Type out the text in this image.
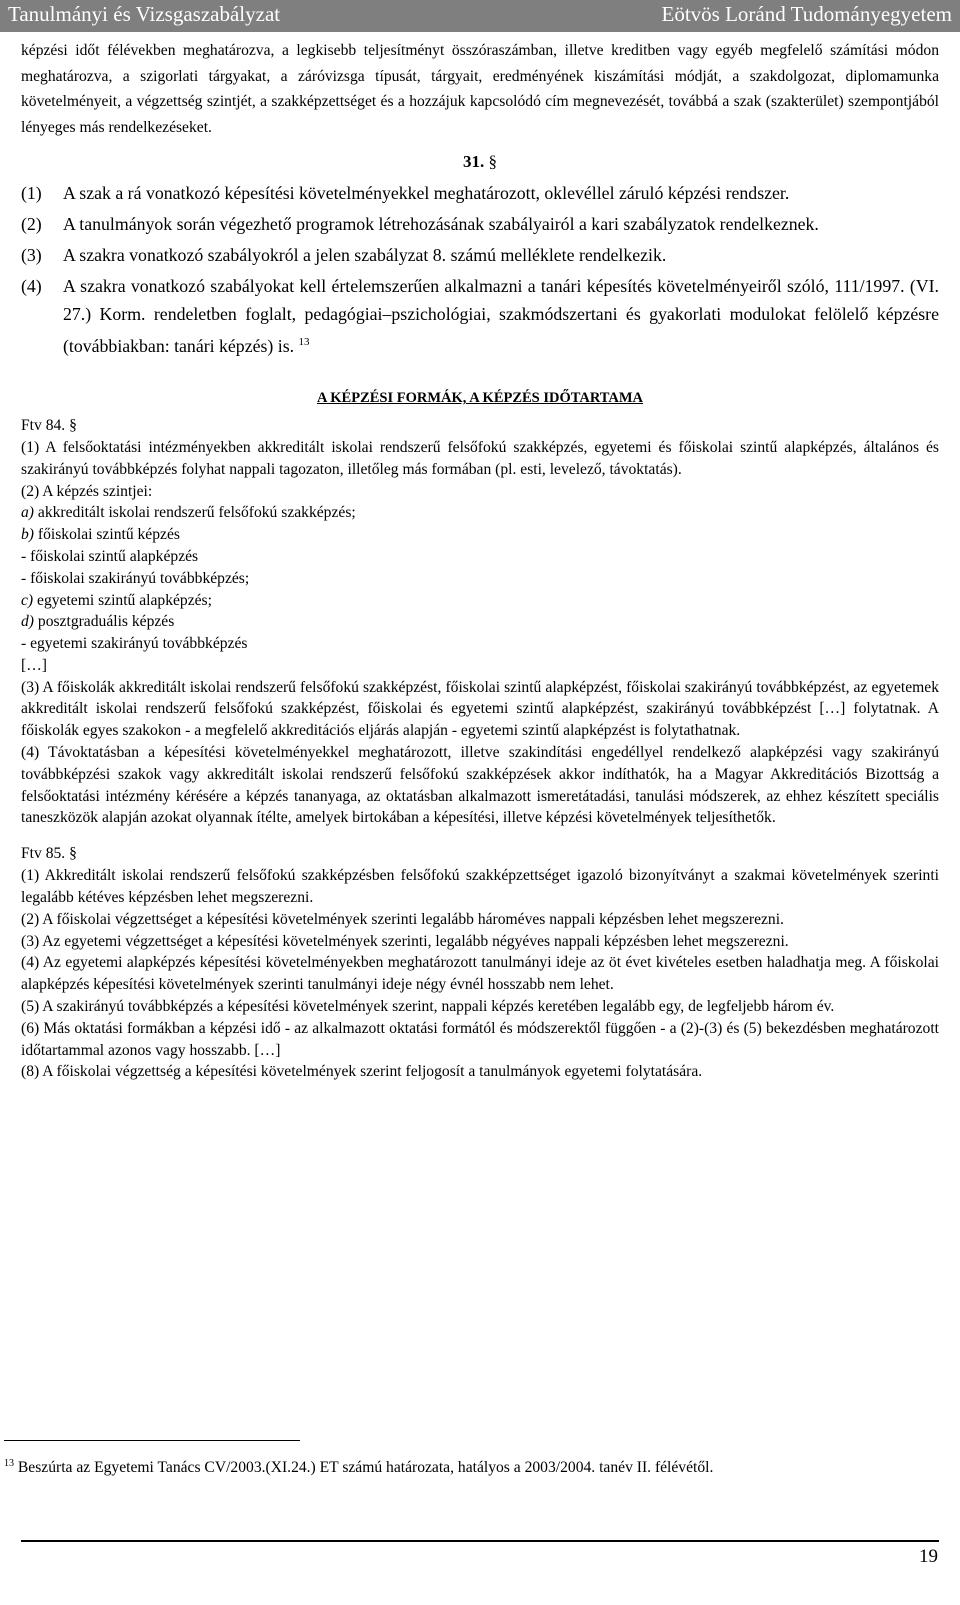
Tanulmányi és Vizsgaszabályzat	Eötvös Loránd Tudományegyetem

képzési időt félévekben meghatározva, a legkisebb teljesítményt összóraszámban, illetve kreditben vagy egyéb megfelelő számítási módon meghatározva, a szigorlati tárgyakat, a záróvizsga típusát, tárgyait, eredményének kiszámítási módját, a szakdolgozat, diplomamunka követelményeit, a végzettség szintjét, a szakképzettséget és a hozzájuk kapcsolódó cím megnevezését, továbbá a szak (szakterület) szempontjából lényeges más rendelkezéseket.

31. §
(1)	A szak a rá vonatkozó képesítési követelményekkel meghatározott, oklevéllel záruló képzési rendszer.
(2)	A tanulmányok során végezhető programok létrehozásának szabályairól a kari szabályzatok rendelkeznek.
(3)	A szakra vonatkozó szabályokról a jelen szabályzat 8. számú melléklete rendelkezik.
(4)	A szakra vonatkozó szabályokat kell értelemszerűen alkalmazni a tanári képesítés követelményeiről szóló, 111/1997. (VI. 27.) Korm. rendeletben foglalt, pedagógiai–pszichológiai, szakmódszertani és gyakorlati modulokat felölelő képzésre (továbbiakban: tanári képzés) is. $^{13}$
A KÉPZÉSI FORMÁK, A KÉPZÉS IDŐTARTAMA

Ftv 84. §

(1) A felsőoktatási intézményekben akkreditált iskolai rendszerű felsőfokú szakképzés, egyetemi és főiskolai szintű alapképzés, általános és szakirányú továbbképzés folyhat nappali tagozaton, illetőleg más formában (pl. esti, levelező, távoktatás).

(2) A képzés szintjei:

a) akkreditált iskolai rendszerű felsőfokú szakképzés;

b) főiskolai szintű képzés

- főiskolai szintű alapképzés

- főiskolai szakirányú továbbképzés;

c) egyetemi szintű alapképzés;

d) posztgraduális képzés

- egyetemi szakirányú továbbképzés

[…]

(3) A főiskolák akkreditált iskolai rendszerű felsőfokú szakképzést, főiskolai szintű alapképzést, főiskolai szakirányú továbbképzést, az egyetemek akkreditált iskolai rendszerű felsőfokú szakképzést, főiskolai és egyetemi szintű alapképzést, szakirányú továbbképzést […] folytatnak. A főiskolák egyes szakokon - a megfelelő akkreditációs eljárás alapján - egyetemi szintű alapképzést is folytathatnak.

(4) Távoktatásban a képesítési követelményekkel meghatározott, illetve szakindítási engedéllyel rendelkező alapképzési vagy szakirányú továbbképzési szakok vagy akkreditált iskolai rendszerű felsőfokú szakképzések akkor indíthatók, ha a Magyar Akkreditációs Bizottság a felsőoktatási intézmény kérésére a képzés tananyaga, az oktatásban alkalmazott ismeretátadási, tanulási módszerek, az ehhez készített speciális taneszközök alapján azokat olyannak ítélte, amelyek birtokában a képesítési, illetve képzési követelmények teljesíthetők.

Ftv 85. §

(1) Akkreditált iskolai rendszerű felsőfokú szakképzésben felsőfokú szakképzettséget igazoló bizonyítványt a szakmai követelmények szerinti legalább kétéves képzésben lehet megszerezni.

(2) A főiskolai végzettséget a képesítési követelmények szerinti legalább hároméves nappali képzésben lehet megszerezni.

(3) Az egyetemi végzettséget a képesítési követelmények szerinti, legalább négyéves nappali képzésben lehet megszerezni.

(4) Az egyetemi alapképzés képesítési követelményekben meghatározott tanulmányi ideje az öt évet kivételes esetben haladhatja meg. A főiskolai alapképzés képesítési követelmények szerinti tanulmányi ideje négy évnél hosszabb nem lehet.

(5) A szakirányú továbbképzés a képesítési követelmények szerint, nappali képzés keretében legalább egy, de legfeljebb három év.

(6) Más oktatási formákban a képzési idő - az alkalmazott oktatási formától és módszerektől függően - a (2)-(3) és (5) bekezdésben meghatározott időtartammal azonos vagy hosszabb. […]

(8) A főiskolai végzettség a képesítési követelmények szerint feljogosít a tanulmányok egyetemi folytatására.

$^{13}$ Beszúrta az Egyetemi Tanács CV/2003.(XI.24.) ET számú határozata, hatályos a 2003/2004. tanév II. félévétől.
19
